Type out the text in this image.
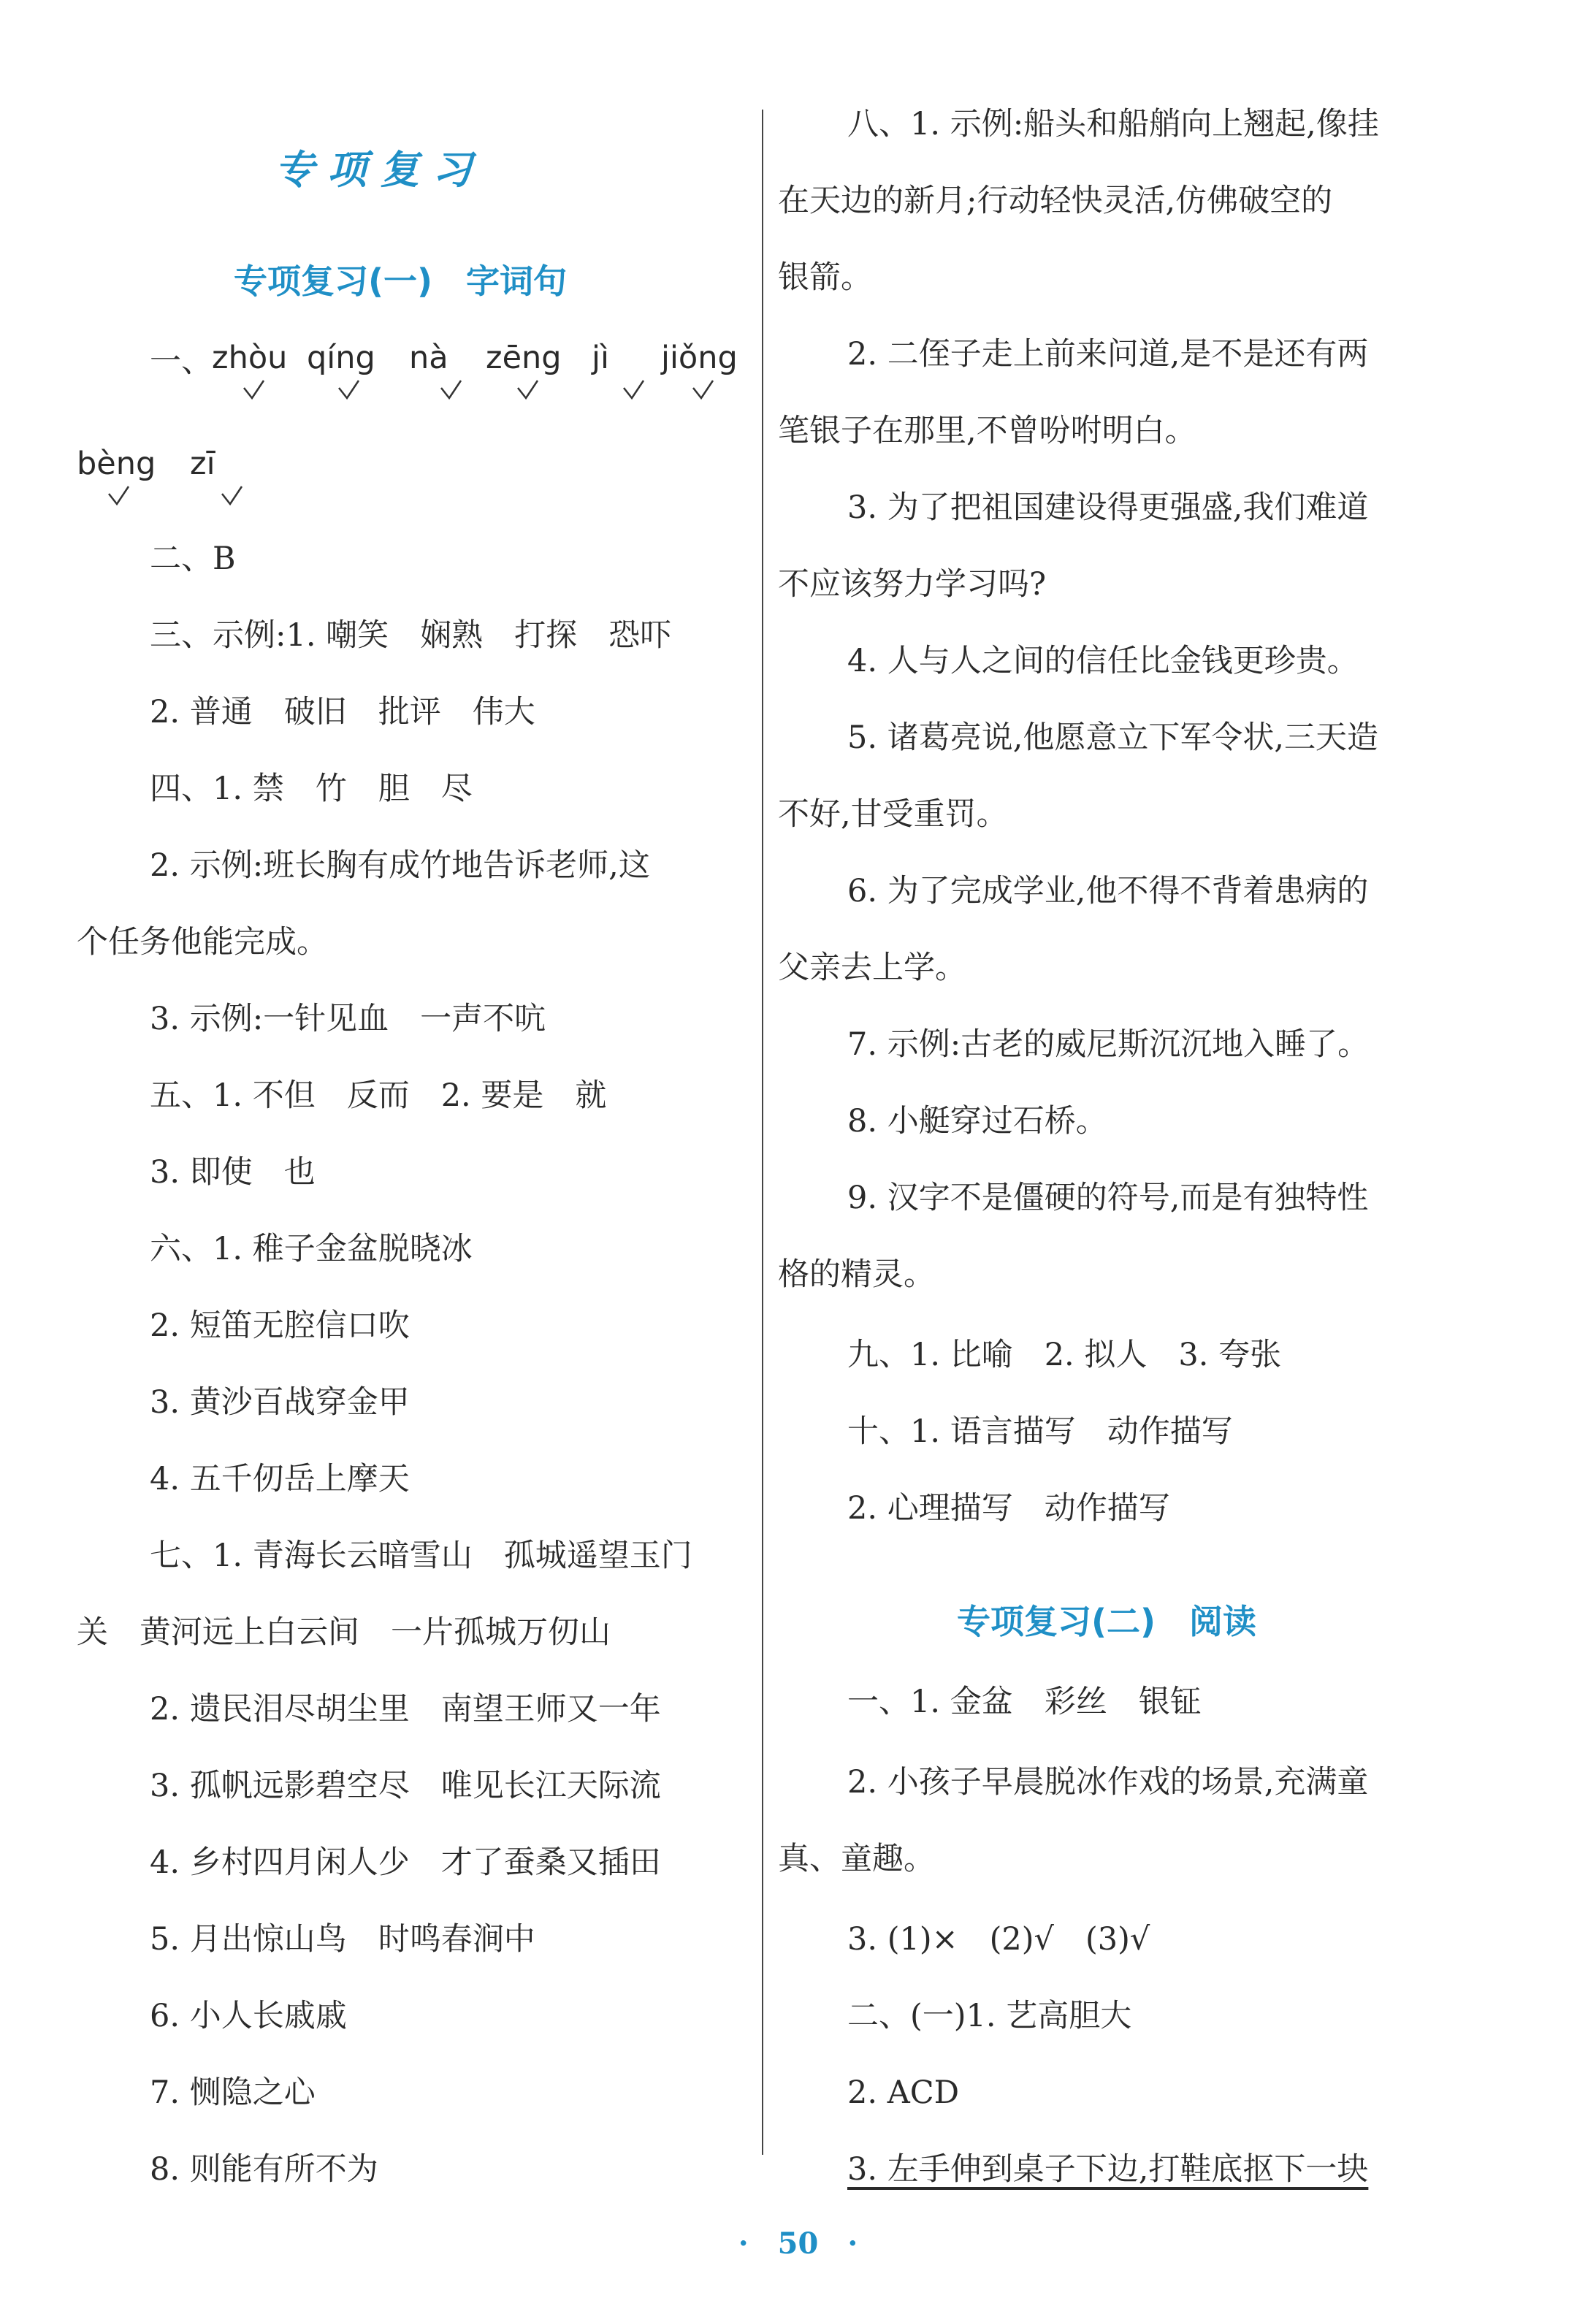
专项复习
专项复习(一)　字词句
一、 zhòu qíng nà zēng jì jiǒng
bèng zī
二、B
三、示例:1. 嘲笑　娴熟　打探　恐吓
2. 普通　破旧　批评　伟大
四、1. 禁　竹　胆　尽
2. 示例:班长胸有成竹地告诉老师,这
个任务他能完成。
3. 示例:一针见血　一声不吭
五、1. 不但　反而　2. 要是　就
3. 即使　也
六、1. 稚子金盆脱晓冰
2. 短笛无腔信口吹
3. 黄沙百战穿金甲
4. 五千仞岳上摩天
七、1. 青海长云暗雪山　孤城遥望玉门
关　黄河远上白云间　一片孤城万仞山
2. 遗民泪尽胡尘里　南望王师又一年
3. 孤帆远影碧空尽　唯见长江天际流
4. 乡村四月闲人少　才了蚕桑又插田
5. 月出惊山鸟　时鸣春涧中
6. 小人长戚戚
7. 恻隐之心
8. 则能有所不为
八、1. 示例:船头和船艄向上翘起,像挂
在天边的新月;行动轻快灵活,仿佛破空的
银箭。
2. 二侄子走上前来问道,是不是还有两
笔银子在那里,不曾吩咐明白。
3. 为了把祖国建设得更强盛,我们难道
不应该努力学习吗?
4. 人与人之间的信任比金钱更珍贵。
5. 诸葛亮说,他愿意立下军令状,三天造
不好,甘受重罚。
6. 为了完成学业,他不得不背着患病的
父亲去上学。
7. 示例:古老的威尼斯沉沉地入睡了。
8. 小艇穿过石桥。
9. 汉字不是僵硬的符号,而是有独特性
格的精灵。
九、1. 比喻　2. 拟人　3. 夸张
十、1. 语言描写　动作描写
2. 心理描写　动作描写
专项复习(二)　阅读
一、1. 金盆　彩丝　银钲
2. 小孩子早晨脱冰作戏的场景,充满童
真、童趣。
3. (1)×　(2)√　(3)√
二、(一)1. 艺高胆大
2. ACD
3. 左手伸到桌子下边,打鞋底抠下一块
·　50　·
